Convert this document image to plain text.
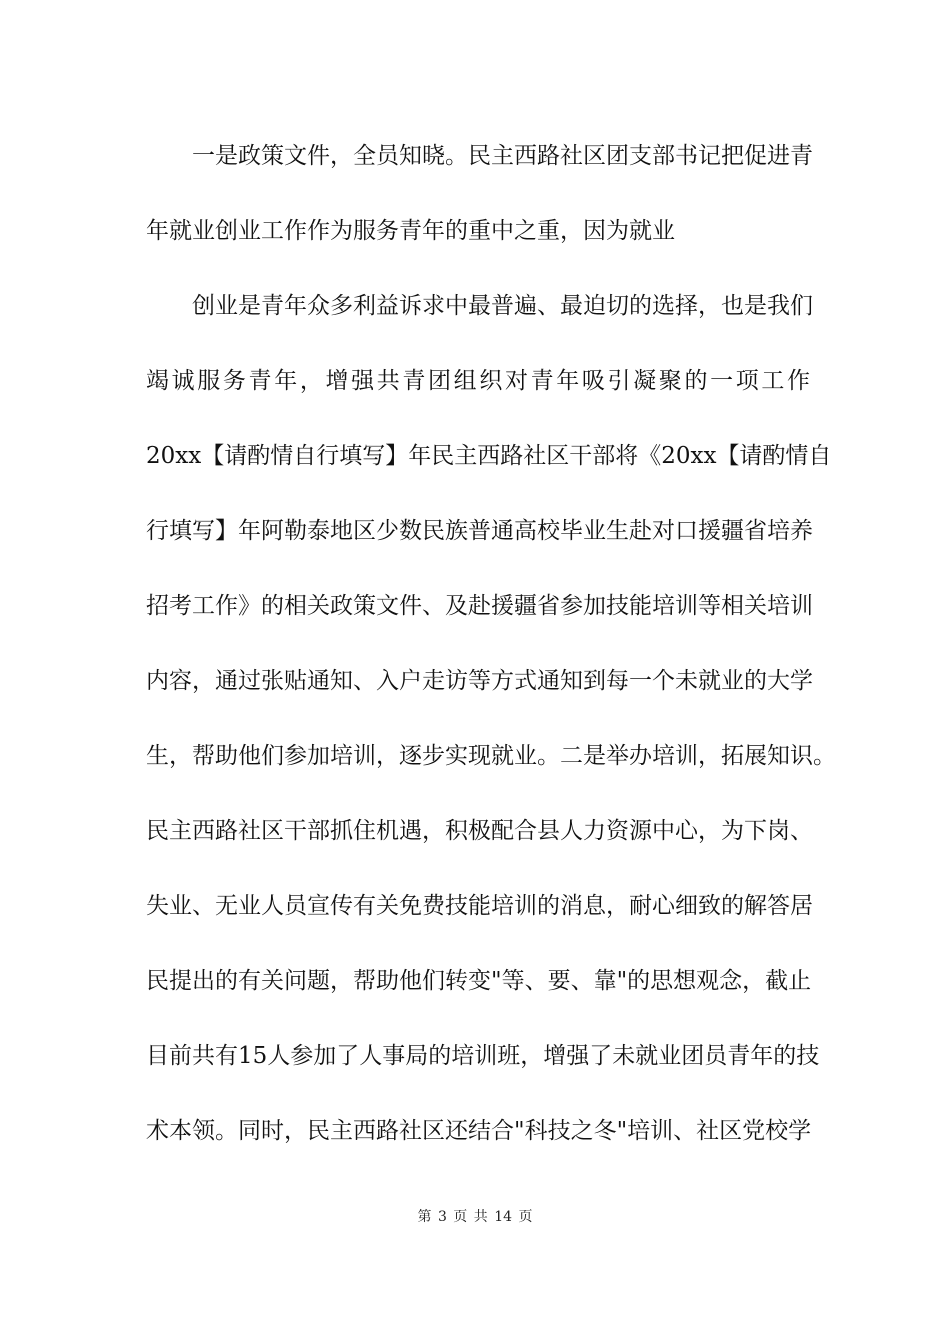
一是政策文件，全员知晓。民主西路社区团支部书记把促进青
年就业创业工作作为服务青年的重中之重，因为就业
创业是青年众多利益诉求中最普遍、最迫切的选择，也是我们
竭诚服务青年，增强共青团组织对青年吸引凝聚的一项工作
20xx【请酌情自行填写】年民主西路社区干部将《20xx【请酌情自
行填写】年阿勒泰地区少数民族普通高校毕业生赴对口援疆省培养
招考工作》的相关政策文件、及赴援疆省参加技能培训等相关培训
内容，通过张贴通知、入户走访等方式通知到每一个未就业的大学
生，帮助他们参加培训，逐步实现就业。二是举办培训，拓展知识。
民主西路社区干部抓住机遇，积极配合县人力资源中心，为下岗、
失业、无业人员宣传有关免费技能培训的消息，耐心细致的解答居
民提出的有关问题，帮助他们转变"等、要、靠"的思想观念，截止
目前共有15人参加了人事局的培训班，增强了未就业团员青年的技
术本领。同时，民主西路社区还结合"科技之冬"培训、社区党校学
第 3 页 共 14 页
